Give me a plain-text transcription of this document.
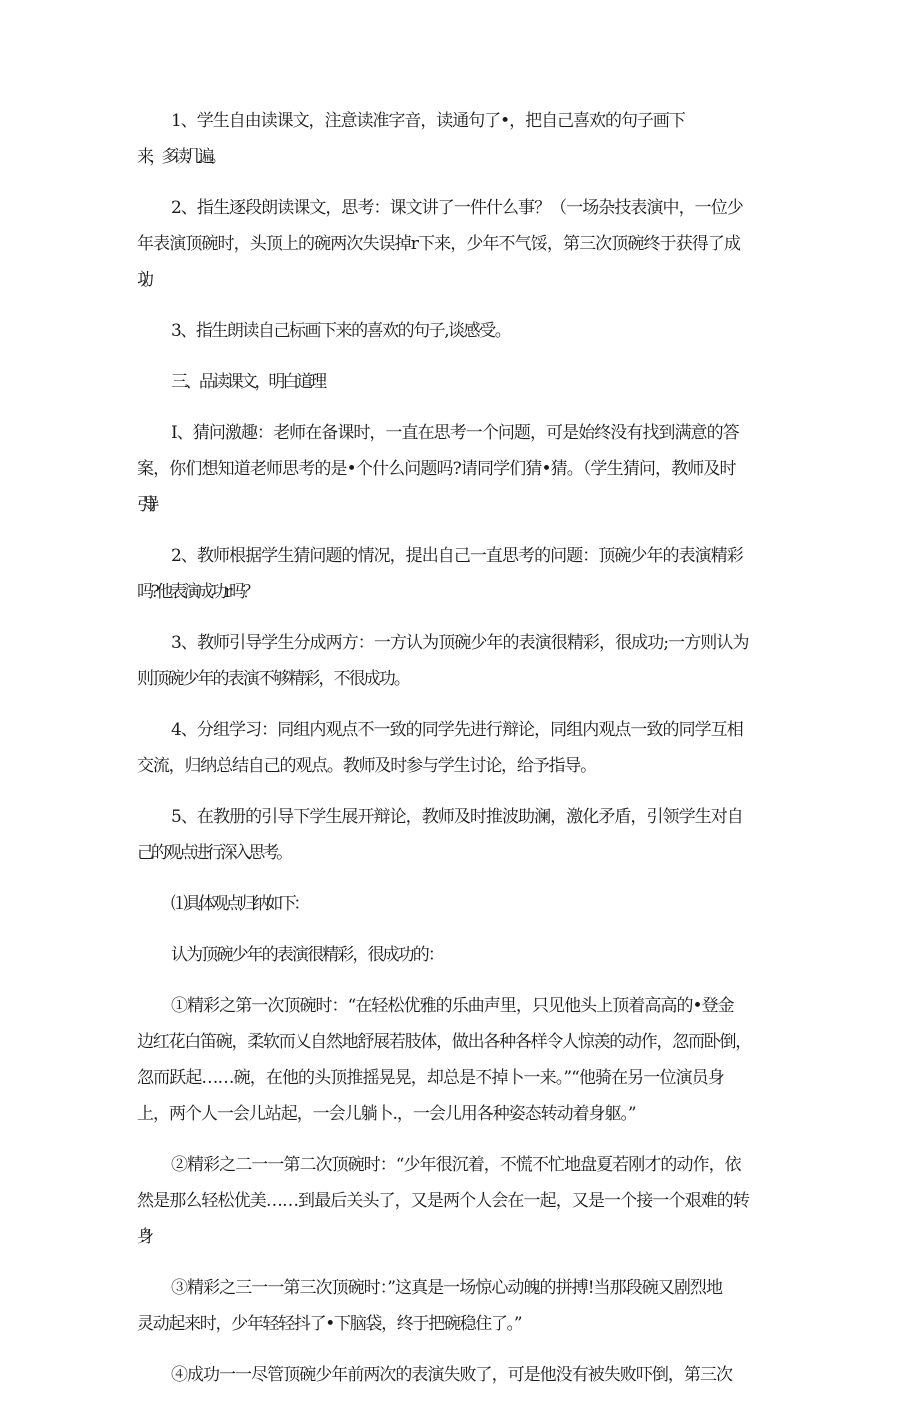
1、学生自由读课文，注意读准字音，读通句了•，把自己喜欢的句子画下
来，多读几遍。
2、指生逐段朗读课文，思考：课文讲了一件什么事？（一场杂技表演中，一位少
年表演顶碗时，头顶上的碗两次失误掉r下来，少年不气馁，第三次顶碗终于获得了成
功。）
3、指生朗读自己标画下来的喜欢的句子,谈感受。
三、品读课文，明白道理
I、猜问激趣：老师在备课时，一直在思考一个问题，可是始终没有找到满意的答
案，你们想知道老师思考的是•个什么问题吗?请同学们猜•猜。（学生猜问，教师及时
引导）
2、教师根据学生猜问题的情况，提出自己一直思考的问题：顶碗少年的表演精彩
吗?他表演成功r吗？
3、教师引导学生分成两方：一方认为顶碗少年的表演很精彩，很成功;一方则认为
则顶碗少年的表演不够精彩，不很成功。
4、分组学习：同组内观点不一致的同学先进行辩论，同组内观点一致的同学互相
交流，归纳总结自己的观点。教师及时参与学生讨论，给予指导。
5、在教册的引导下学生展开辩论，教师及时推波助澜，激化矛盾，引领学生对自
己的观点进行深入思考。
⑴具体观点归纳如下：
认为顶碗少年的表演很精彩，很成功的：
①精彩之第一次顶碗时：“在轻松优雅的乐曲声里，只见他头上顶着高高的•登金
边红花白笛碗，柔软而乂自然地舒展若肢体，做出各种各样令人惊羡的动作，忽而卧倒，
忽而跃起……碗，在他的头顶推摇晃晃，却总是不掉卜一来。”“他骑在另一位演员身
上，两个人一会儿站起，一会儿躺卜.，一会儿用各种姿态转动着身躯。”
②精彩之二一一第二次顶碗时：“少年很沉着，不慌不忙地盘夏若刚才的动作，依
然是那么轻松优美……到最后关头了，又是两个人会在一起，又是一个接一个艰难的转
③精彩之三一一第三次顶碗时：”这真是一场惊心动魄的拼搏!当那段碗又剧烈地
灵动起来时，少年轻轻抖了•下脑袋，终于把碗稳住了。”
④成功一一尽管顶碗少年前两次的表演失败了，可是他没有被失败吓倒，第三次
